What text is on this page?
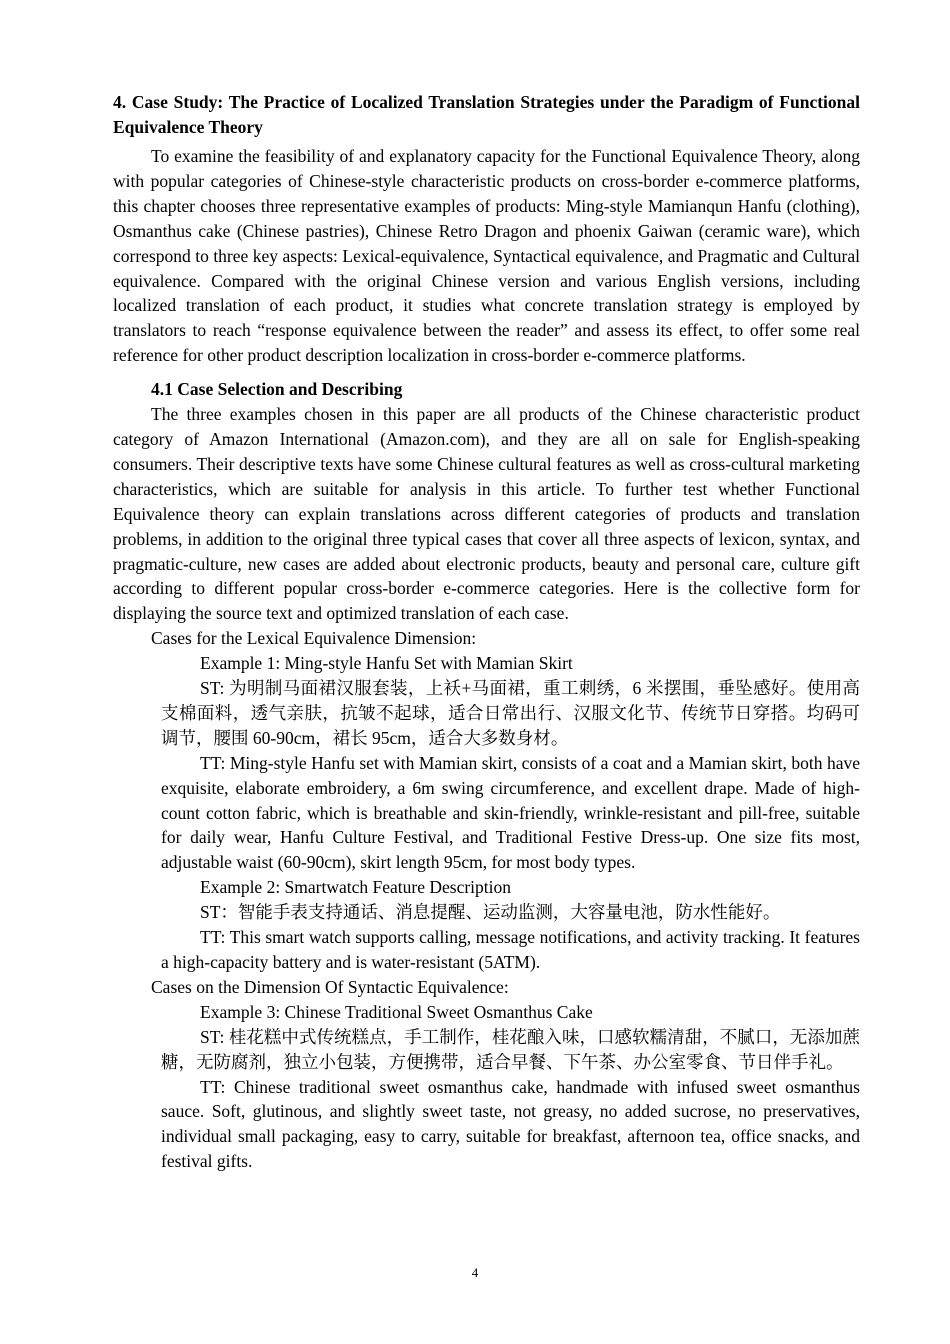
4. Case Study: The Practice of Localized Translation Strategies under the Paradigm of Functional Equivalence Theory

To examine the feasibility of and explanatory capacity for the Functional Equivalence Theory, along with popular categories of Chinese-style characteristic products on cross-border e-commerce platforms, this chapter chooses three representative examples of products: Ming-style Mamianqun Hanfu (clothing), Osmanthus cake (Chinese pastries), Chinese Retro Dragon and phoenix Gaiwan (ceramic ware), which correspond to three key aspects: Lexical-equivalence, Syntactical equivalence, and Pragmatic and Cultural equivalence. Compared with the original Chinese version and various English versions, including localized translation of each product, it studies what concrete translation strategy is employed by translators to reach “response equivalence between the reader” and assess its effect, to offer some real reference for other product description localization in cross-border e-commerce platforms.

4.1 Case Selection and Describing

The three examples chosen in this paper are all products of the Chinese characteristic product category of Amazon International (Amazon.com), and they are all on sale for English-speaking consumers. Their descriptive texts have some Chinese cultural features as well as cross-cultural marketing characteristics, which are suitable for analysis in this article. To further test whether Functional Equivalence theory can explain translations across different categories of products and translation problems, in addition to the original three typical cases that cover all three aspects of lexicon, syntax, and pragmatic-culture, new cases are added about electronic products, beauty and personal care, culture gift according to different popular cross-border e-commerce categories. Here is the collective form for displaying the source text and optimized translation of each case.

Cases for the Lexical Equivalence Dimension:
Example 1: Ming-style Hanfu Set with Mamian Skirt

ST: 为明制马面裙汉服套装，上袄+马面裙，重工刺绣，6 米摆围，垂坠感好。使用高支棉面料，透气亲肤，抗皱不起球，适合日常出行、汉服文化节、传统节日穿搭。均码可调节，腰围 60-90cm，裙长 95cm，适合大多数身材。

TT: Ming-style Hanfu set with Mamian skirt, consists of a coat and a Mamian skirt, both have exquisite, elaborate embroidery, a 6m swing circumference, and excellent drape. Made of high-count cotton fabric, which is breathable and skin-friendly, wrinkle-resistant and pill-free, suitable for daily wear, Hanfu Culture Festival, and Traditional Festive Dress-up. One size fits most, adjustable waist (60-90cm), skirt length 95cm, for most body types.

Example 2: Smartwatch Feature Description

ST：智能手表支持通话、消息提醒、运动监测，大容量电池，防水性能好。

TT: This smart watch supports calling, message notifications, and activity tracking. It features a high-capacity battery and is water-resistant (5ATM).

Cases on the Dimension Of Syntactic Equivalence:
Example 3: Chinese Traditional Sweet Osmanthus Cake

ST: 桂花糕中式传统糕点，手工制作，桂花酿入味，口感软糯清甜，不腻口，无添加蔗糖，无防腐剂，独立小包装，方便携带，适合早餐、下午茶、办公室零食、节日伴手礼。

TT: Chinese traditional sweet osmanthus cake, handmade with infused sweet osmanthus sauce. Soft, glutinous, and slightly sweet taste, not greasy, no added sucrose, no preservatives, individual small packaging, easy to carry, suitable for breakfast, afternoon tea, office snacks, and festival gifts.

4
